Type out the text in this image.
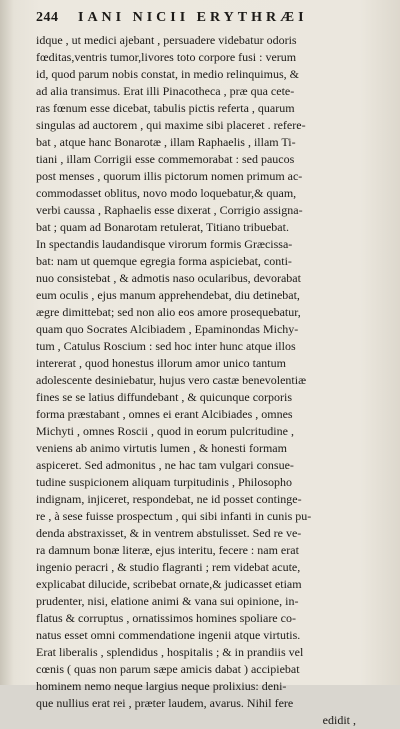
244 IANI NICII ERYTHRÆI
idque , ut medici ajebant , persuadere videbatur odoris
fœditas,ventris tumor,livores toto corpore fusi : verum
id, quod parum nobis constat, in medio relinquimus, &
ad alia transimus. Erat illi Pinacotheca , præ qua cete-
ras fœnum esse dicebat, tabulis pictis referta , quarum
singulas ad auctorem , qui maxime sibi placeret . refere-
bat , atque hanc Bonarotæ , illam Raphaelis , illam Ti-
tiani , illam Corrigii esse commemorabat : sed paucos
post menses , quorum illis pictorum nomen primum ac-
commodasset oblitus, novo modo loquebatur,& quam,
verbi caussa , Raphaelis esse dixerat , Corrigio assigna-
bat ; quam ad Bonarotam retulerat, Titiano tribuebat.
In spectandis laudandisque virorum formis Græcissa-
bat: nam ut quemque egregia forma aspiciebat, conti-
nuo consistebat , & admotis naso ocularibus, devorabat
eum oculis , ejus manum apprehendebat, diu detinebat,
ægre dimittebat; sed non alio eos amore prosequebatur,
quam quo Socrates Alcibiadem , Epaminondas Michy-
tum , Catulus Roscium : sed hoc inter hunc atque illos
intererat , quod honestus illorum amor unico tantum
adolescente desiniebatur, hujus vero castæ benevolentiæ
fines se se latius diffundebant , & quicunque corporis
forma præstabant , omnes ei erant Alcibiades , omnes
Michyti , omnes Roscii , quod in eorum pulcritudine ,
veniens ab animo virtutis lumen , & honesti formam
aspiceret. Sed admonitus , ne hac tam vulgari consue-
tudine suspicionem aliquam turpitudinis , Philosopho
indignam, injiceret, respondebat, ne id posset continge-
re , à sese fuisse prospectum , qui sibi infanti in cunis pu-
denda abstraxisset, & in ventrem abstulisset. Sed re ve-
ra damnum bonæ literæ, ejus interitu, fecere : nam erat
ingenio peracri , & studio flagranti ; rem videbat acute,
explicabat dilucide, scribebat ornate,& judicasset etiam
prudenter, nisi, elatione animi & vana sui opinione, in-
flatus & corruptus , ornatissimos homines spoliare co-
natus esset omni commendatione ingenii atque virtutis.
Erat liberalis , splendidus , hospitalis ; & in prandiis vel
cœnis ( quas non parum sæpe amicis dabat ) accipiebat
hominem nemo neque largius neque prolixius: deni-
que nullius erat rei , præter laudem, avarus. Nihil fere
edidit ,
